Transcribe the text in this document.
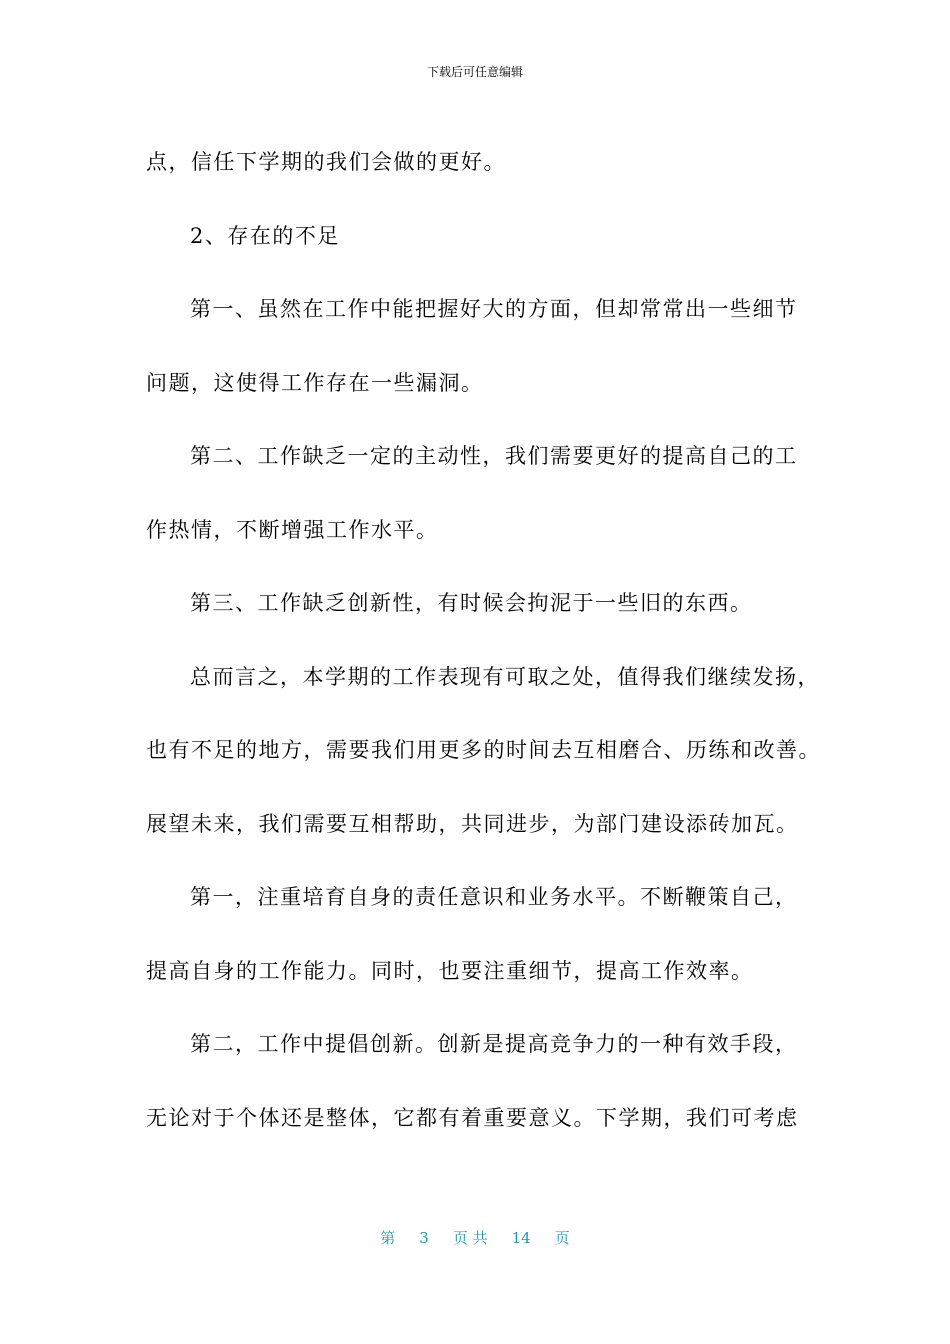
下载后可任意编辑

点，信任下学期的我们会做的更好。

2、存在的不足

第一、虽然在工作中能把握好大的方面，但却常常出一些细节

问题，这使得工作存在一些漏洞。

第二、工作缺乏一定的主动性，我们需要更好的提高自己的工

作热情，不断增强工作水平。

第三、工作缺乏创新性，有时候会拘泥于一些旧的东西。

总而言之，本学期的工作表现有可取之处，值得我们继续发扬，

也有不足的地方，需要我们用更多的时间去互相磨合、历练和改善。

展望未来，我们需要互相帮助，共同进步，为部门建设添砖加瓦。

第一，注重培育自身的责任意识和业务水平。不断鞭策自己，

提高自身的工作能力。同时，也要注重细节，提高工作效率。

第二，工作中提倡创新。创新是提高竞争力的一种有效手段，

无论对于个体还是整体，它都有着重要意义。下学期，我们可考虑

第 3 页 共 14 页
